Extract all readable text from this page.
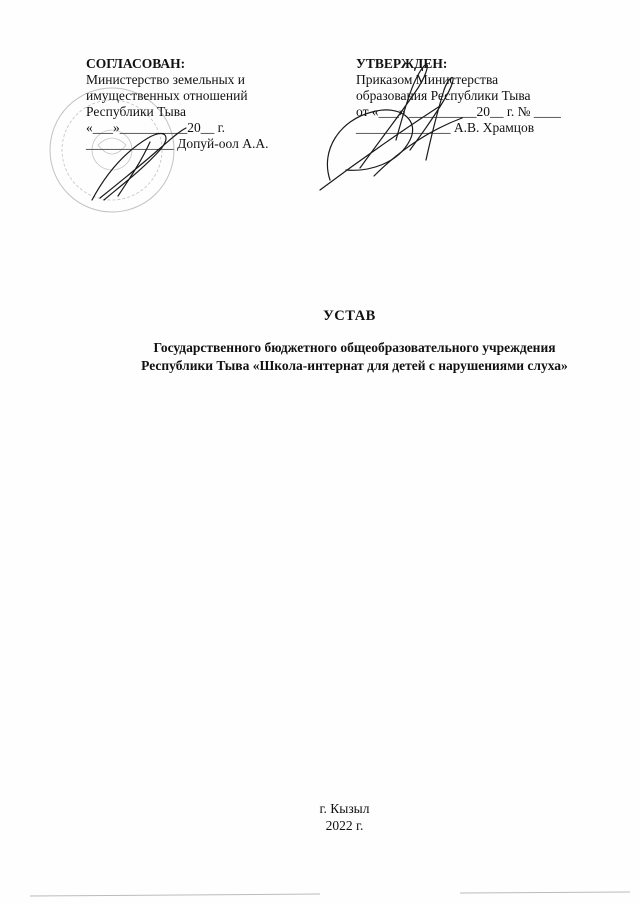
СОГЛАСОВАН:
Министерство земельных и
имущественных отношений
Республики Тыва
«___»__________20__ г.
_____________ Допуй-оол А.А.
УТВЕРЖДЕН:
Приказом Министерства
образования Республики Тыва
от «___» __________20__ г. № ____
______________ А.В. Храмцов
УСТАВ
Государственного бюджетного общеобразовательного учреждения
Республики Тыва «Школа-интернат для детей с нарушениями слуха»
г. Кызыл
2022 г.
